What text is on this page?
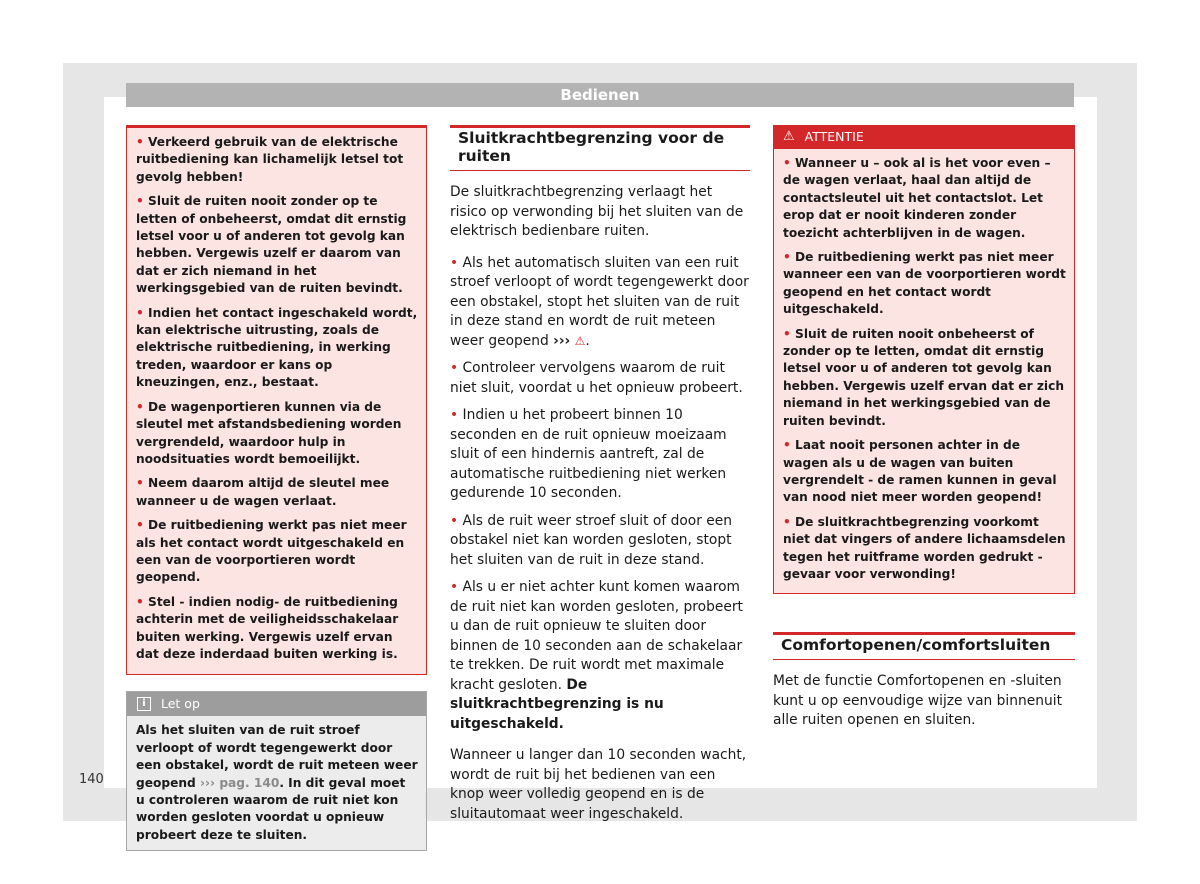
Bedienen

• Verkeerd gebruik van de elektrische ruitbediening kan lichamelijk letsel tot gevolg hebben!

• Sluit de ruiten nooit zonder op te letten of onbeheerst, omdat dit ernstig letsel voor u of anderen tot gevolg kan hebben. Vergewis uzelf er daarom van dat er zich niemand in het werkingsgebied van de ruiten bevindt.

• Indien het contact ingeschakeld wordt, kan elektrische uitrusting, zoals de elektrische ruitbediening, in werking treden, waardoor er kans op kneuzingen, enz., bestaat.

• De wagenportieren kunnen via de sleutel met afstandsbediening worden vergrendeld, waardoor hulp in noodsituaties wordt bemoeilijkt.

• Neem daarom altijd de sleutel mee wanneer u de wagen verlaat.

• De ruitbediening werkt pas niet meer als het contact wordt uitgeschakeld en een van de voorportieren wordt geopend.

• Stel - indien nodig- de ruitbediening achterin met de veiligheidsschakelaar buiten werking. Vergewis uzelf ervan dat deze inderdaad buiten werking is.

i	Let op
Als het sluiten van de ruit stroef verloopt of wordt tegengewerkt door een obstakel, wordt de ruit meteen weer geopend ››› pag. 140. In dit geval moet u controleren waarom de ruit niet kon worden gesloten voordat u opnieuw probeert deze te sluiten.
Sluitkrachtbegrenzing voor de ruiten

De sluitkrachtbegrenzing verlaagt het risico op verwonding bij het sluiten van de elektrisch bedienbare ruiten.

• Als het automatisch sluiten van een ruit stroef verloopt of wordt tegengewerkt door een obstakel, stopt het sluiten van de ruit in deze stand en wordt de ruit meteen weer geopend ››› ⚠.

• Controleer vervolgens waarom de ruit niet sluit, voordat u het opnieuw probeert.

• Indien u het probeert binnen 10 seconden en de ruit opnieuw moeizaam sluit of een hindernis aantreft, zal de automatische ruitbediening niet werken gedurende 10 seconden.

• Als de ruit weer stroef sluit of door een obstakel niet kan worden gesloten, stopt het sluiten van de ruit in deze stand.

• Als u er niet achter kunt komen waarom de ruit niet kan worden gesloten, probeert u dan de ruit opnieuw te sluiten door binnen de 10 seconden aan de schakelaar te trekken. De ruit wordt met maximale kracht gesloten. De sluitkrachtbegrenzing is nu uitgeschakeld.

Wanneer u langer dan 10 seconden wacht, wordt de ruit bij het bedienen van een knop weer volledig geopend en is de sluitautomaat weer ingeschakeld.

⚠ ATTENTIE

• Wanneer u – ook al is het voor even – de wagen verlaat, haal dan altijd de contactsleutel uit het contactslot. Let erop dat er nooit kinderen zonder toezicht achterblijven in de wagen.

• De ruitbediening werkt pas niet meer wanneer een van de voorportieren wordt geopend en het contact wordt uitgeschakeld.

• Sluit de ruiten nooit onbeheerst of zonder op te letten, omdat dit ernstig letsel voor u of anderen tot gevolg kan hebben. Vergewis uzelf ervan dat er zich niemand in het werkingsgebied van de ruiten bevindt.

• Laat nooit personen achter in de wagen als u de wagen van buiten vergrendelt - de ramen kunnen in geval van nood niet meer worden geopend!

• De sluitkrachtbegrenzing voorkomt niet dat vingers of andere lichaamsdelen tegen het ruitframe worden gedrukt - gevaar voor verwonding!

Comfortopenen/comfortsluiten

Met de functie Comfortopenen en -sluiten kunt u op eenvoudige wijze van binnenuit alle ruiten openen en sluiten.

140
